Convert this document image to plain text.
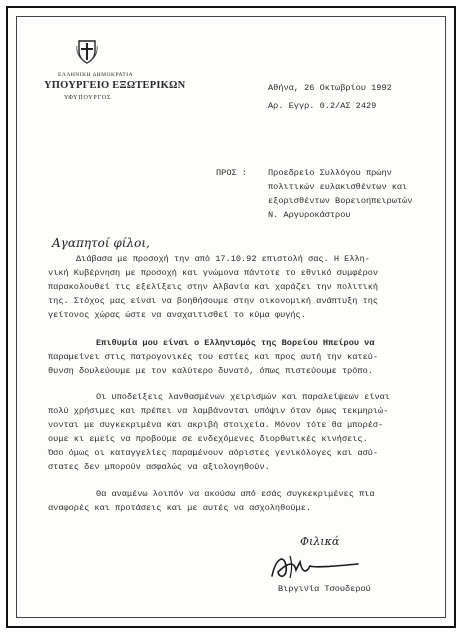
ΕΛΛΗΝΙΚΗ ΔΗΜΟΚΡΑΤΙΑ
ΥΠΟΥΡΓΕΙΟ ΕΞΩΤΕΡΙΚΩΝ
ΥΦΥΠΟΥΡΓΟΣ
Αθήνα, 26 Οκτωβρίου 1992
Αρ. Εγγρ. 0.2/ΑΣ 2429
ΠΡΟΣ : Προεδρείο Συλλόγου πρώην
πολιτικών ευλακισθέντων και
εξορισθέντων Βορειοηπειρωτών
Ν. Αργυροκάστρου
Αγαπητοί φίλοι,
Διάβασα με προσοχή την από 17.10.92 επιστολή σας. Η Ελλη-
νική Κυβέρνηση με προσοχή και γνώμονα πάντοτε το εθνικό συμφέρον
παρακολουθεί τις εξελίξεις στην Αλβανία και χαράζει την πολιτική
της. Στόχος μας είναι να βοηθήσουμε στην οικονομική ανάπτυξη της
γείτονος χώρας ώστε να αναχαιτισθεί το κύμα φυγής.
Επιθυμία μου είναι ο Ελληνισμός της Βορείου Ηπείρου να
παραμείνει στις πατρογονικές του εστίες και προς αυτή την κατεύ-
θυνση δουλεύουμε με τον καλύτερο δυνατό, όπως πιστεύουμε τρόπο.
Οι υποδείξεις λανθασμένων χειρισμών και παραλείψεων είναι
πολύ χρήσιμες και πρέπει να λαμβάνονται υπόψιν όταν όμως τεκμηριώ-
νονται με συγκεκριμένα και ακριβή στοιχεία. Μόνον τότε θα μπορέσ-
ουμε κι εμείς να προβούμε σε ενδεχόμενες διορθωτικές κινήσεις.
Όσο όμως οι καταγγελίες παραμένουν αόριστες γενικόλογες και ασύ-
στατες δεν μπορούν ασφαλώς να αξιολογηθούν.
Θα αναμένω λοιπόν να ακούσω από εσάς συγκεκριμένες πια
αναφορές και προτάσεις και με αυτές να ασχοληθούμε.
Φιλικά
Βιργινία Τσουδερού
